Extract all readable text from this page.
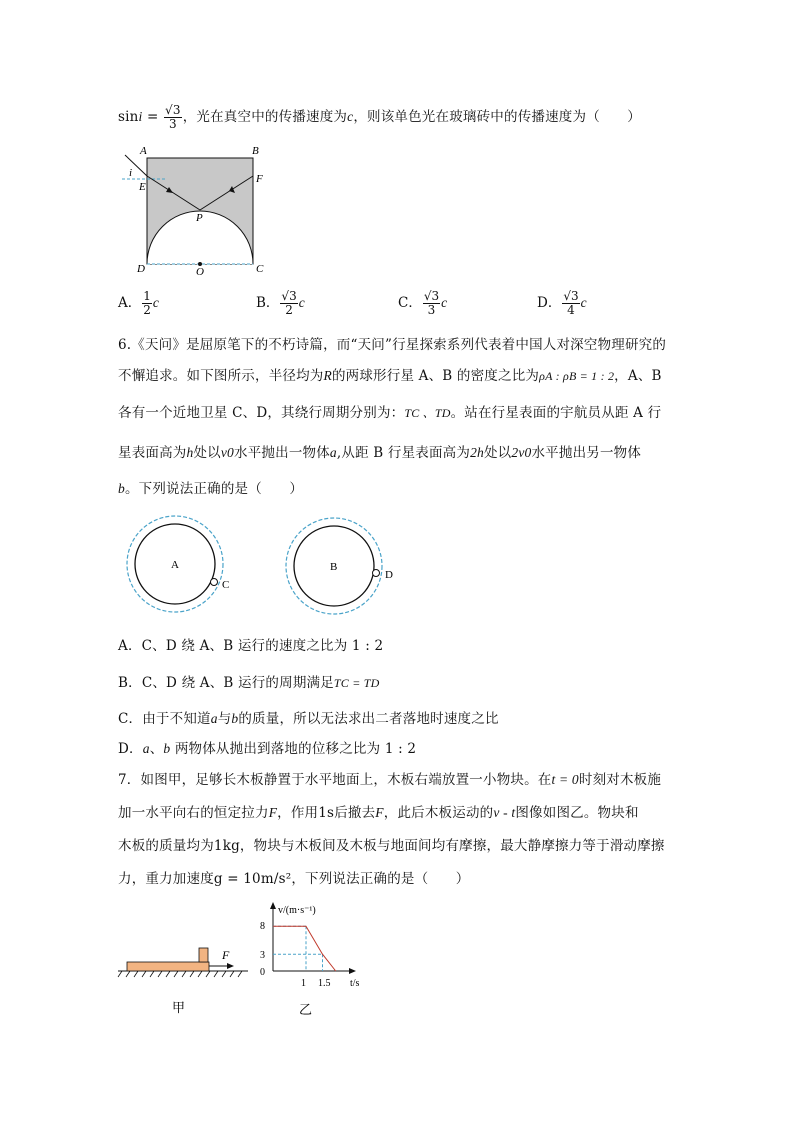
$\sin i = \frac{√3}{3}$ ，光在真空中的传播速度为c，则该单色光在玻璃砖中的传播速度为（　　）
A	B
C
D
E
F
P
O
i
A． $\frac{1}{2}$ c	B． $\frac{√3}{2}$ c	C． $\frac{√3}{3}$ c	D． $\frac{√3}{4}$ c
6.《天问》是屈原笔下的不朽诗篇，而“天问”行星探索系列代表着中国人对深空物理研究的
不懈追求。如下图所示，半径均为R的两球形行星 A、B 的密度之比为ρA : ρB = 1 : 2，A、B
各有一个近地卫星 C、D，其绕行周期分别为：TC 、TD。站在行星表面的宇航员从距 A 行
星表面高为h处以v0水平抛出一物体a,从距 B 行星表面高为2h处以2v0水平抛出另一物体
b。下列说法正确的是（　　）
A
C
B
D
A．C、D 绕 A、B 运行的速度之比为 1 : 2
B．C、D 绕 A、B 运行的周期满足TC = TD
C．由于不知道a与b的质量，所以无法求出二者落地时速度之比
D．a、b 两物体从抛出到落地的位移之比为 1 : 2
7．如图甲，足够长木板静置于水平地面上，木板右端放置一小物块。在t = 0时刻对木板施
加一水平向右的恒定拉力F，作用1s后撤去F，此后木板运动的v - t图像如图乙。物块和
木板的质量均为1kg，物块与木板间及木板与地面间均有摩擦，最大静摩擦力等于滑动摩擦
力，重力加速度g = 10m/s²，下列说法正确的是（　　）
F
甲
v/(m·s⁻¹)
t/s
0
3
8
1 1.5
乙
